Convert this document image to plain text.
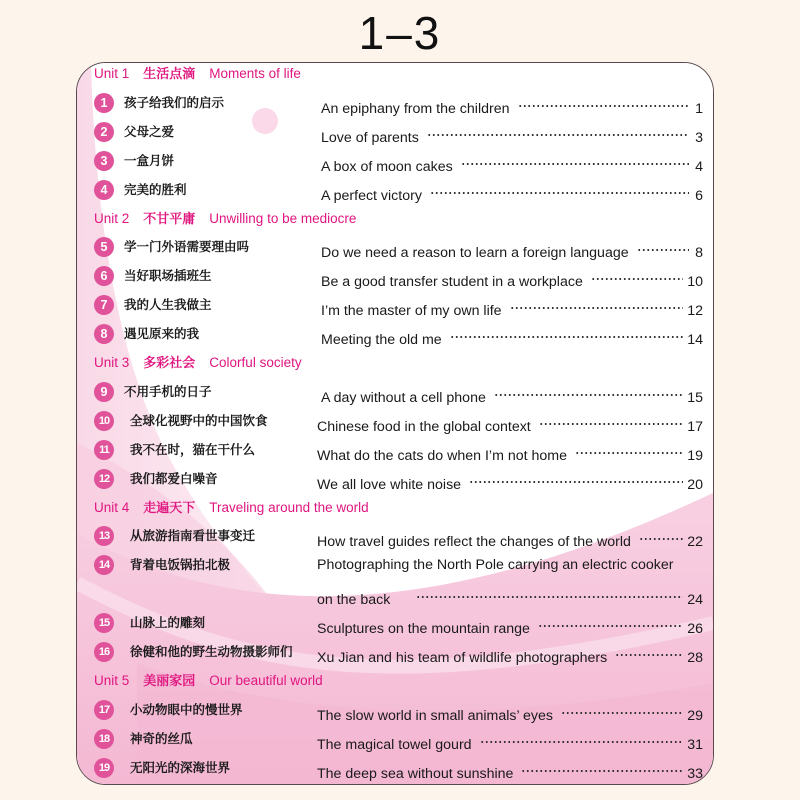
1–3
Unit 1 生活点滴 Moments of life
1	孩子给我们的启示	An epiphany from the children	1
2	父母之爱	Love of parents	3
3	一盒月饼	A box of moon cakes	4
4	完美的胜利	A perfect victory	6
Unit 2 不甘平庸 Unwilling to be mediocre
5	学一门外语需要理由吗	Do we need a reason to learn a foreign language	8
6	当好职场插班生	Be a good transfer student in a workplace	10
7	我的人生我做主	I’m the master of my own life	12
8	遇见原来的我	Meeting the old me	14
Unit 3 多彩社会 Colorful society
9	不用手机的日子	A day without a cell phone	15
10	全球化视野中的中国饮食	Chinese food in the global context	17
11	我不在时，猫在干什么	What do the cats do when I’m not home	19
12	我们都爱白噪音	We all love white noise	20
Unit 4 走遍天下 Traveling around the world
13	从旅游指南看世事变迁	How travel guides reflect the changes of the world	22
14	背着电饭锅拍北极	Photographing the North Pole carrying an electric cooker
on the back	24
15	山脉上的雕刻	Sculptures on the mountain range	26
16	徐健和他的野生动物摄影师们 Xu Jian and his team of wildlife photographers	28
Unit 5 美丽家园 Our beautiful world
17	小动物眼中的慢世界	The slow world in small animals’ eyes	29
18	神奇的丝瓜	The magical towel gourd	31
19	无阳光的深海世界	The deep sea without sunshine	33
